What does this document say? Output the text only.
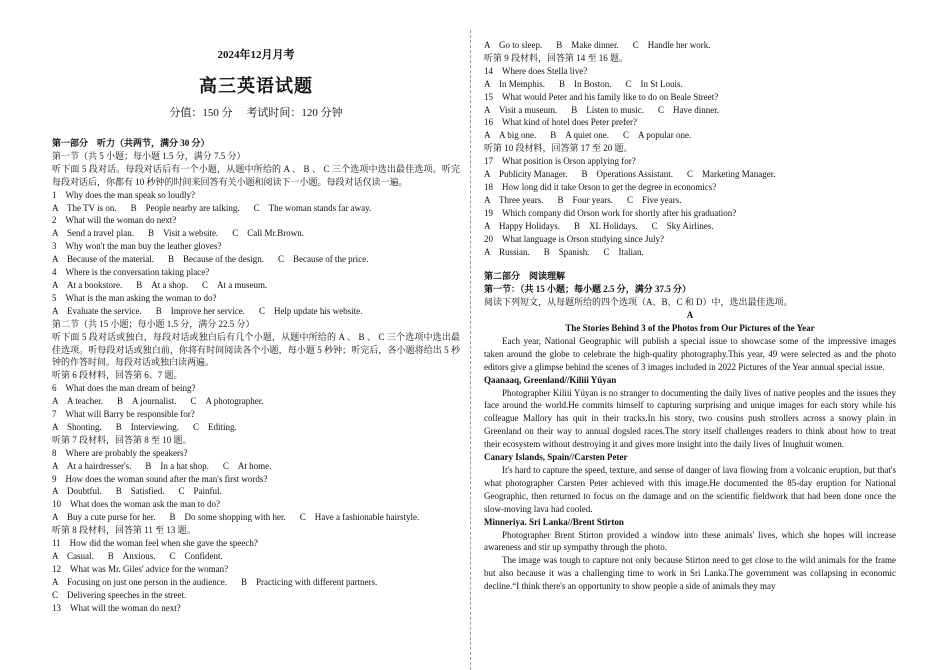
2024年12月月考
高三英语试题
分值：150 分　 考试时间：120 分钟
第一部分　听力（共两节，满分 30 分）
第一节（共 5 小题；每小题 1.5 分，满分 7.5 分）
听下面 5 段对话。每段对话后有一个小题，从题中所给的 A 、 B 、 C 三个选项中选出最佳选项。听完每段对话后，你都有 10 秒钟的时间来回答有关小题和阅读下一小题。每段对话仅读一遍。
1　Why does the man speak so loudly?
A　The TV is on. B　People nearby are talking. C　The woman stands far away.
2　What will the woman do next?
A　Send a travel plan. B　Visit a website. C　Call Mr.Brown.
3　Why won't the man buy the leather gloves?
A　Because of the material. B　Because of the design. C　Because of the price.
4　Where is the conversation taking place?
A　At a bookstore. B　At a shop. C　At a museum.
5　What is the man asking the woman to do?
A　Evaluate the service. B　Improve her service. C　Help update his website.
第二节（共 15 小题；每小题 1.5 分，满分 22.5 分）
听下面 5 段对话或独白，每段对话或独白后有几个小题，从题中所给的 A 、 B 、 C 三个选项中选出最佳选项。听每段对话或独白前，你将有时间阅读各个小题，每小题 5 秒钟；听完后，各小题将给出 5 秒钟的作答时间。每段对话或独白读两遍。
听第 6 段材料，回答第 6、7 题。
6　What does the man dream of being?
A　A teacher. B　A journalist. C　A photographer.
7　What will Barry be responsible for?
A　Shooting. B　Interviewing. C　Editing.
听第 7 段材料，回答第 8 至 10 题。
8　Where are probably the speakers?
A　At a hairdresser's. B　In a hat shop. C　At home.
9　How does the woman sound after the man's first words?
A　Doubtful. B　Satisfied. C　Painful.
10　What does the woman ask the man to do?
A　Buy a cute purse for her. B　Do some shopping with her. C　Have a fashionable hairstyle.
听第 8 段材料，回答第 11 至 13 题。
11　How did the woman feel when she gave the speech?
A　Casual. B　Anxious. C　Confident.
12　What was Mr. Giles' advice for the woman?
A　Focusing on just one person in the audience. B　Practicing with different partners.
C　Delivering speeches in the street.
13　What will the woman do next?
A　Go to sleep. B　Make dinner. C　Handle her work.
听第 9 段材料，回答第 14 至 16 题。
14　Where does Stella live?
A　In Memphis. B　In Boston. C　In St Louis.
15　What would Peter and his family like to do on Beale Street?
A　Visit a museum. B　Listen to music. C　Have dinner.
16　What kind of hotel does Peter prefer?
A　A big one. B　A quiet one. C　A popular one.
听第 10 段材料，回答第 17 至 20 题。
17　What position is Orson applying for?
A　Publicity Manager. B　Operations Assistant. C　Marketing Manager.
18　How long did it take Orson to get the degree in economics?
A　Three years. B　Four years. C　Five years.
19　Which company did Orson work for shortly after his graduation?
A　Happy Holidays. B　XL Holidays. C　Sky Airlines.
20　What language is Orson studying since July?
A　Russian. B　Spanish. C　Italian.
第二部分　阅读理解
第一节：（共 15 小题；每小题 2.5 分，满分 37.5 分）
阅读下列短文，从每题所给的四个选项（A、B、C 和 D）中，选出最佳选项。
A
The Stories Behind 3 of the Photos from Our Pictures of the Year
Each year, National Geographic will publish a special issue to showcase some of the impressive images taken around the globe to celebrate the high-quality photography.This year, 49 were selected as and the photo editors give a glimpse behind the scenes of 3 images included in 2022 Pictures of the Year annual special issue.
Qaanaaq, Greenland//Kiliii Yüyan
Photographer Kiliii Yüyan is no stranger to documenting the daily lives of native peoples and the issues they face around the world.He commits himself to capturing surprising and unique images for each story while his colleague Mallory has quit in their tracks.In his story, two cousins push strollers across a snowy plain in Greenland on their way to annual dogsled races.The story itself challenges readers to think about how to treat their ecosystem without destroying it and gives more insight into the daily lives of Inughuit women.
Canary Islands, Spain//Carsten Peter
It's hard to capture the speed, texture, and sense of danger of lava flowing from a volcanic eruption, but that's what photographer Carsten Peter achieved with this image.He documented the 85-day eruption for National Geographic, then returned to focus on the damage and on the scientific fieldwork that had been done once the slow-moving lava had cooled.
Minneriya. Sri Lanka//Brent Stirton
Photographer Brent Stirton provided a window into these animals' lives, which she hopes will increase awareness and stir up sympathy through the photo.
The image was tough to capture not only because Stirton need to get close to the wild animals for the frame but also because it was a challenging time to work in Sri Lanka.The government was collapsing in economic decline.“I think there's an opportunity to show people a side of animals they may
